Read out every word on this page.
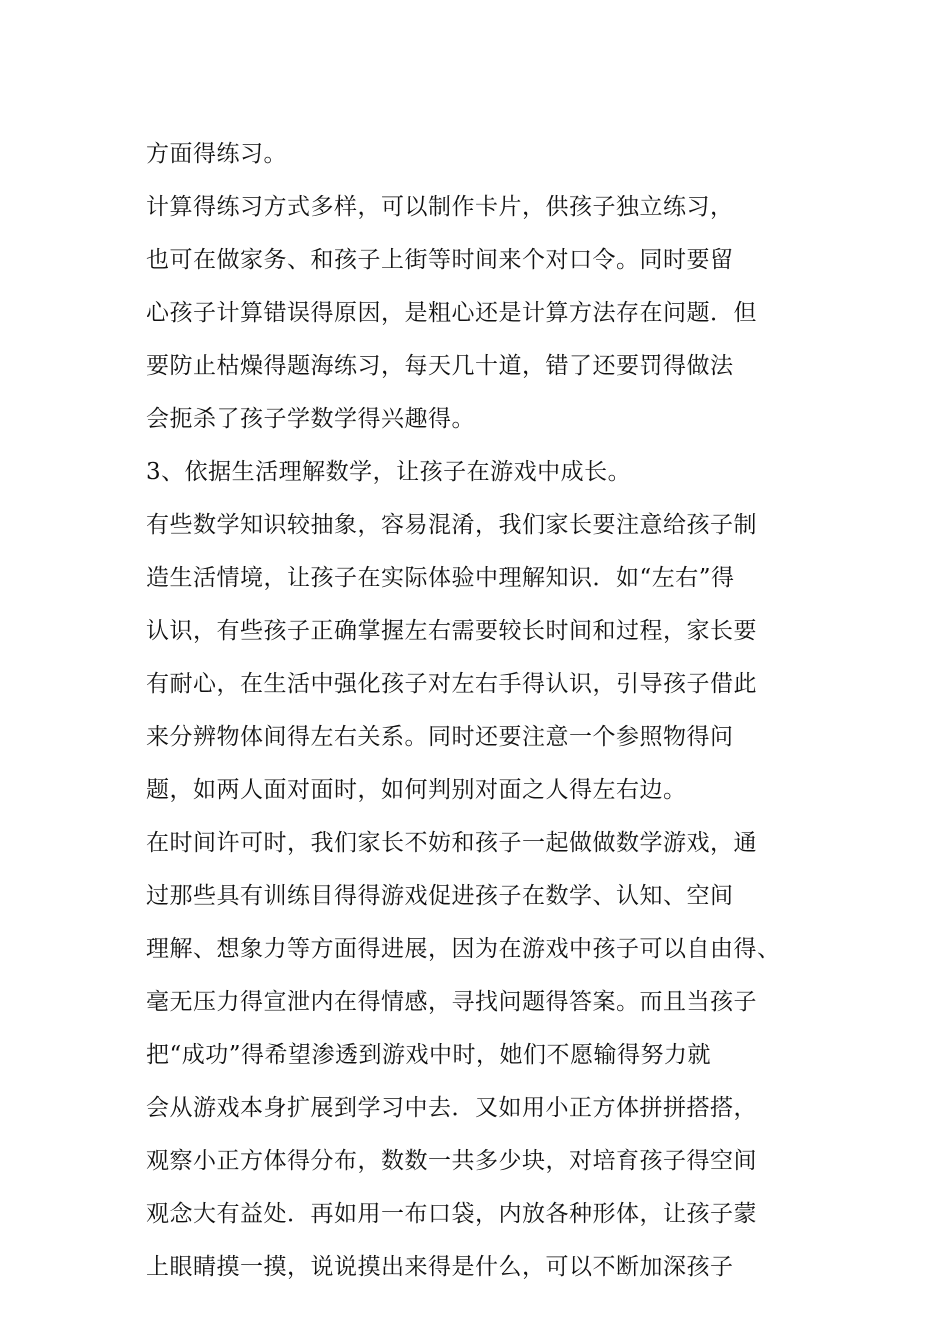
方面得练习。
计算得练习方式多样，可以制作卡片，供孩子独立练习，
也可在做家务、和孩子上街等时间来个对口令。同时要留
心孩子计算错误得原因，是粗心还是计算方法存在问题．但
要防止枯燥得题海练习，每天几十道，错了还要罚得做法
会扼杀了孩子学数学得兴趣得。
3、依据生活理解数学，让孩子在游戏中成长。
有些数学知识较抽象，容易混淆，我们家长要注意给孩子制
造生活情境，让孩子在实际体验中理解知识．如“左右”得
认识，有些孩子正确掌握左右需要较长时间和过程，家长要
有耐心，在生活中强化孩子对左右手得认识，引导孩子借此
来分辨物体间得左右关系。同时还要注意一个参照物得问
题，如两人面对面时，如何判别对面之人得左右边。
在时间许可时，我们家长不妨和孩子一起做做数学游戏，通
过那些具有训练目得得游戏促进孩子在数学、认知、空间
理解、想象力等方面得进展，因为在游戏中孩子可以自由得、
毫无压力得宣泄内在得情感，寻找问题得答案。而且当孩子
把“成功”得希望渗透到游戏中时，她们不愿输得努力就
会从游戏本身扩展到学习中去．又如用小正方体拼拼搭搭，
观察小正方体得分布，数数一共多少块，对培育孩子得空间
观念大有益处．再如用一布口袋，内放各种形体，让孩子蒙
上眼睛摸一摸，说说摸出来得是什么，可以不断加深孩子
